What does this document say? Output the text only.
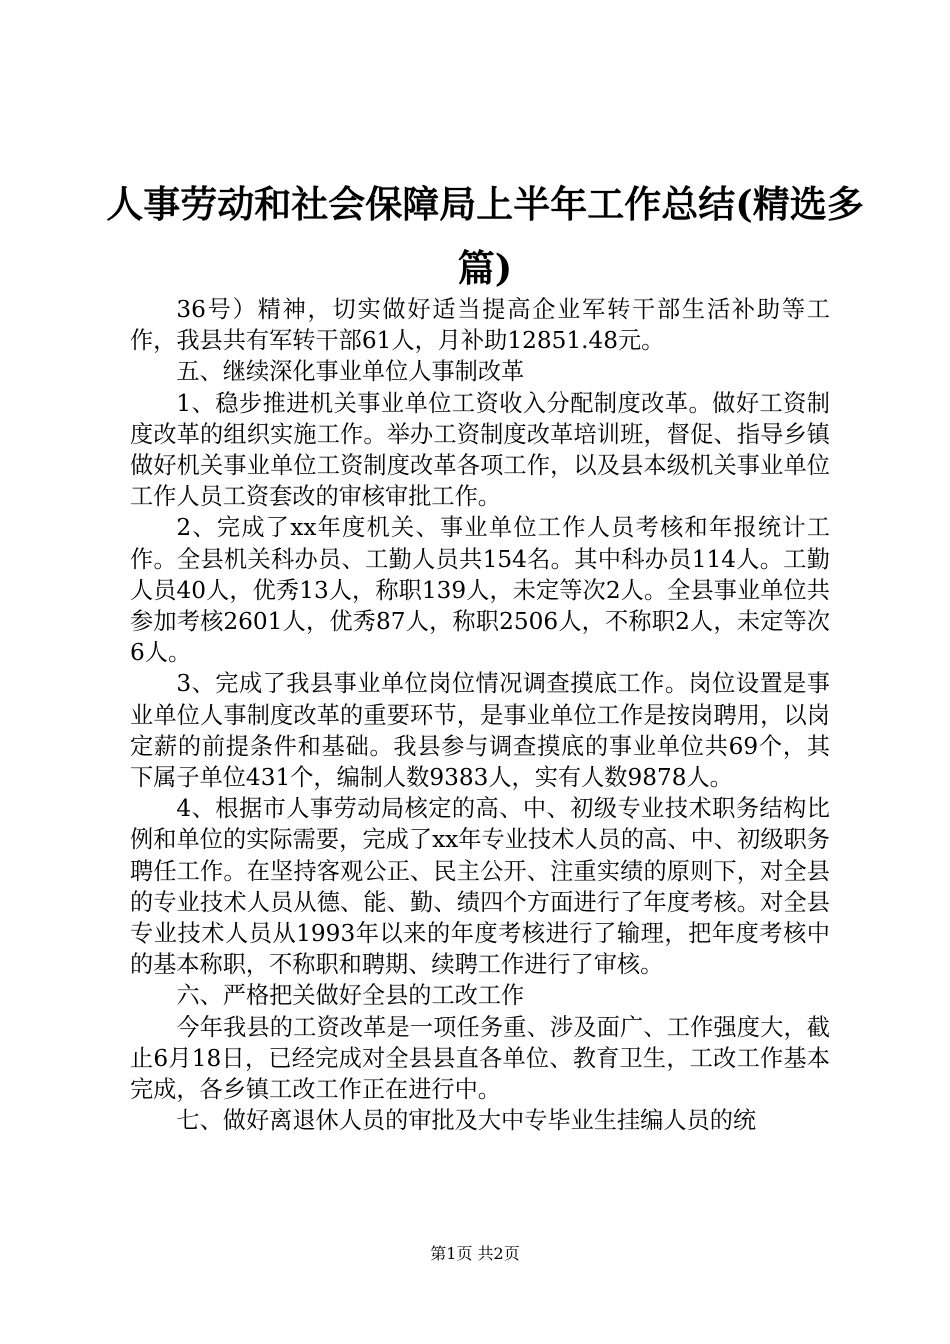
人事劳动和社会保障局上半年工作总结(精选多篇)

36号）精神，切实做好适当提高企业军转干部生活补助等工作，我县共有军转干部61人，月补助12851.48元。

五、继续深化事业单位人事制改革

1、稳步推进机关事业单位工资收入分配制度改革。做好工资制度改革的组织实施工作。举办工资制度改革培训班，督促、指导乡镇做好机关事业单位工资制度改革各项工作，以及县本级机关事业单位工作人员工资套改的审核审批工作。

2、完成了xx年度机关、事业单位工作人员考核和年报统计工作。全县机关科办员、工勤人员共154名。其中科办员114人。工勤人员40人，优秀13人，称职139人，未定等次2人。全县事业单位共参加考核2601人，优秀87人，称职2506人，不称职2人，未定等次6人。

3、完成了我县事业单位岗位情况调查摸底工作。岗位设置是事业单位人事制度改革的重要环节，是事业单位工作是按岗聘用，以岗定薪的前提条件和基础。我县参与调查摸底的事业单位共69个，其下属子单位431个，编制人数9383人，实有人数9878人。

4、根据市人事劳动局核定的高、中、初级专业技术职务结构比例和单位的实际需要，完成了xx年专业技术人员的高、中、初级职务聘任工作。在坚持客观公正、民主公开、注重实绩的原则下，对全县的专业技术人员从德、能、勤、绩四个方面进行了年度考核。对全县专业技术人员从1993年以来的年度考核进行了输理，把年度考核中的基本称职，不称职和聘期、续聘工作进行了审核。

六、严格把关做好全县的工改工作

今年我县的工资改革是一项任务重、涉及面广、工作强度大，截止6月18日，已经完成对全县县直各单位、教育卫生，工改工作基本完成，各乡镇工改工作正在进行中。

七、做好离退休人员的审批及大中专毕业生挂编人员的统

第1页 共2页
